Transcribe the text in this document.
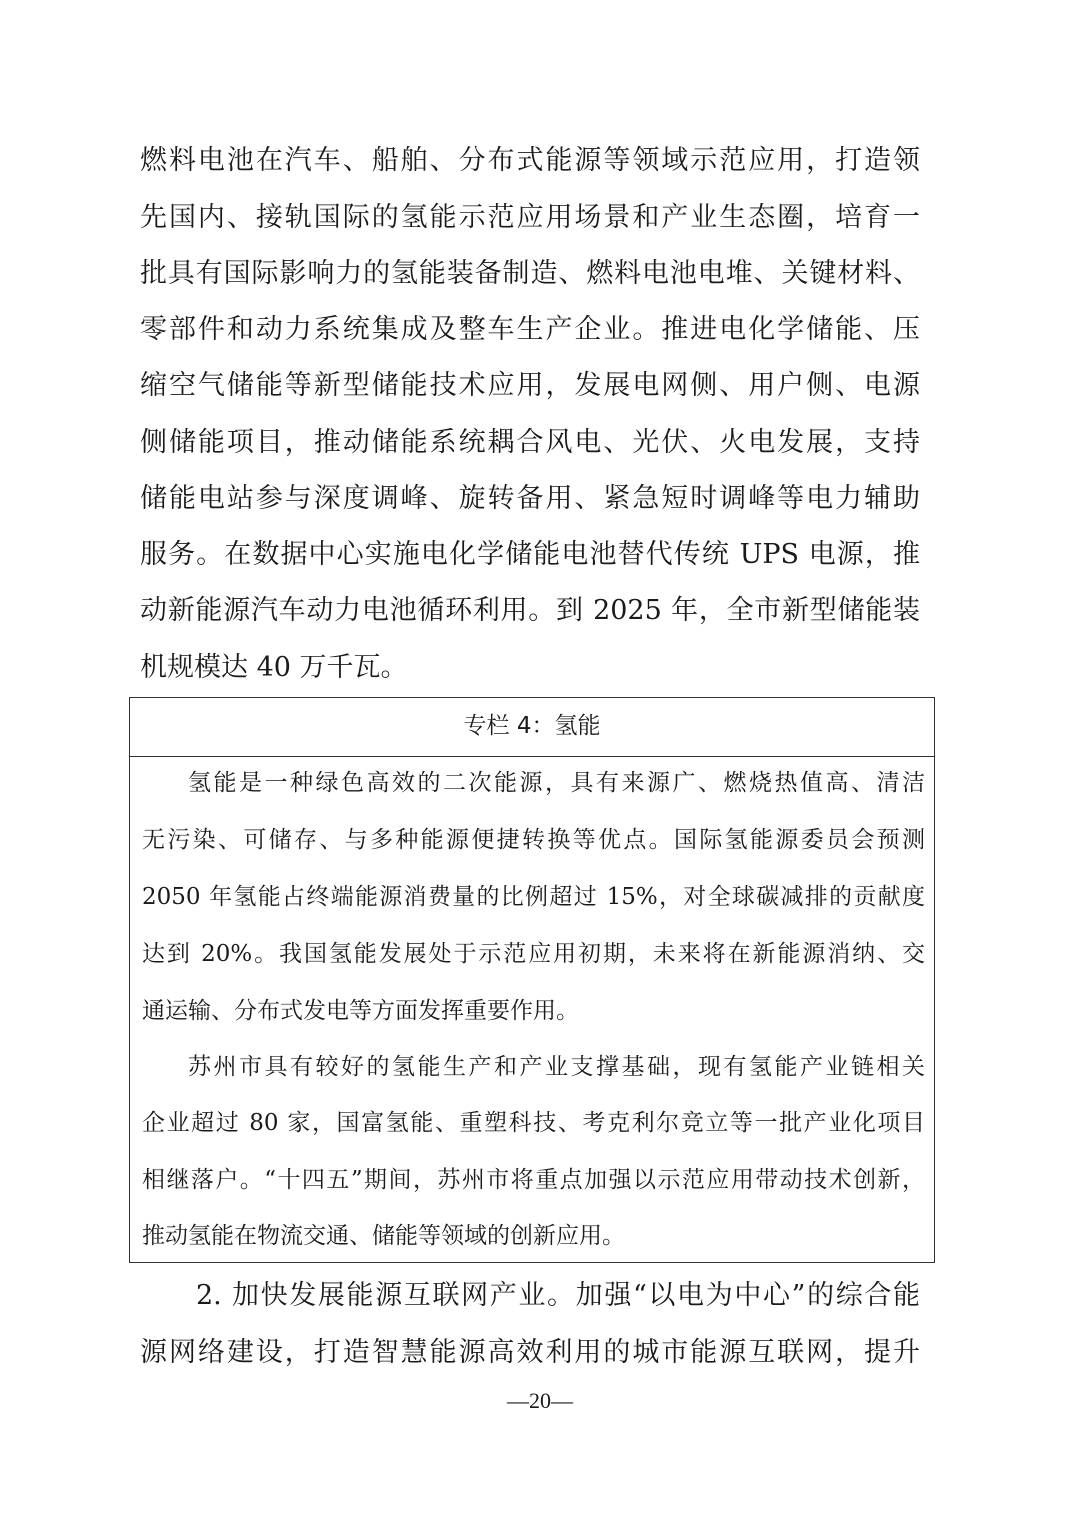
燃料电池在汽车、船舶、分布式能源等领域示范应用，打造领
先国内、接轨国际的氢能示范应用场景和产业生态圈，培育一
批具有国际影响力的氢能装备制造、燃料电池电堆、关键材料、
零部件和动力系统集成及整车生产企业。推进电化学储能、压
缩空气储能等新型储能技术应用，发展电网侧、用户侧、电源
侧储能项目，推动储能系统耦合风电、光伏、火电发展，支持
储能电站参与深度调峰、旋转备用、紧急短时调峰等电力辅助
服务。在数据中心实施电化学储能电池替代传统 UPS 电源，推
动新能源汽车动力电池循环利用。到 2025 年，全市新型储能装
机规模达 40 万千瓦。
专栏 4：氢能
氢能是一种绿色高效的二次能源，具有来源广、燃烧热值高、清洁
无污染、可储存、与多种能源便捷转换等优点。国际氢能源委员会预测
2050 年氢能占终端能源消费量的比例超过 15%，对全球碳减排的贡献度
达到 20%。我国氢能发展处于示范应用初期，未来将在新能源消纳、交
通运输、分布式发电等方面发挥重要作用。
苏州市具有较好的氢能生产和产业支撑基础，现有氢能产业链相关
企业超过 80 家，国富氢能、重塑科技、考克利尔竞立等一批产业化项目
相继落户。“十四五”期间，苏州市将重点加强以示范应用带动技术创新，
推动氢能在物流交通、储能等领域的创新应用。
2. 加快发展能源互联网产业。加强“以电为中心”的综合能
源网络建设，打造智慧能源高效利用的城市能源互联网，提升
—20—
